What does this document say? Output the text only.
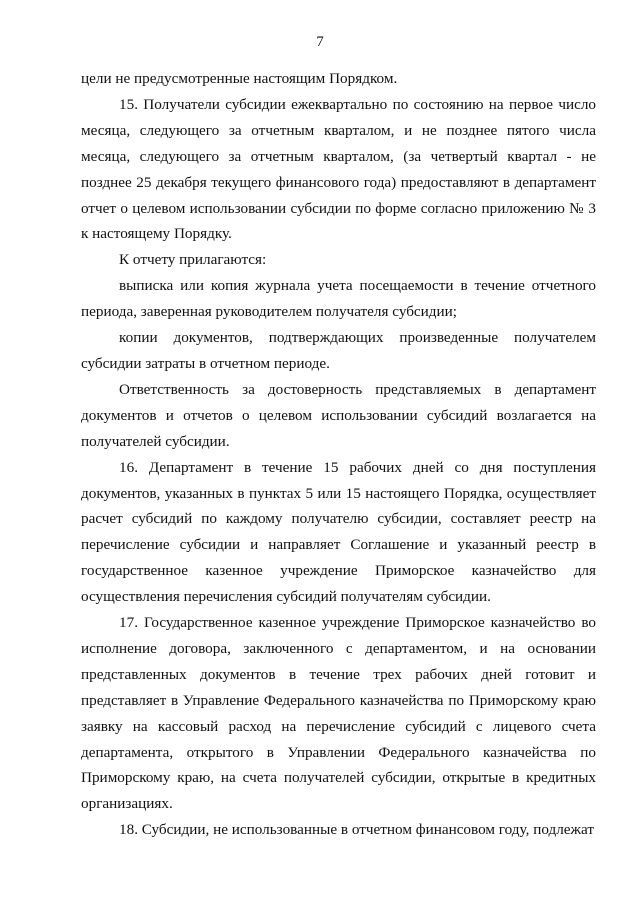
7

цели не предусмотренные настоящим Порядком.

15. Получатели субсидии ежеквартально по состоянию на первое число месяца, следующего за отчетным кварталом, и не позднее пятого числа месяца, следующего за отчетным кварталом, (за четвертый квартал - не позднее 25 декабря текущего финансового года) предоставляют в департамент отчет о целевом использовании субсидии по форме согласно приложению № 3 к настоящему Порядку.

К отчету прилагаются:

выписка или копия журнала учета посещаемости в течение отчетного периода, заверенная руководителем получателя субсидии;

копии документов, подтверждающих произведенные получателем субсидии затраты в отчетном периоде.

Ответственность за достоверность представляемых в департамент документов и отчетов о целевом использовании субсидий возлагается на получателей субсидии.

16. Департамент в течение 15 рабочих дней со дня поступления документов, указанных в пунктах 5 или 15 настоящего Порядка, осуществляет расчет субсидий по каждому получателю субсидии, составляет реестр на перечисление субсидии и направляет Соглашение и указанный реестр в государственное казенное учреждение Приморское казначейство для осуществления перечисления субсидий получателям субсидии.

17. Государственное казенное учреждение Приморское казначейство во исполнение договора, заключенного с департаментом, и на основании представленных документов в течение трех рабочих дней готовит и представляет в Управление Федерального казначейства по Приморскому краю заявку на кассовый расход на перечисление субсидий с лицевого счета департамента, открытого в Управлении Федерального казначейства по Приморскому краю, на счета получателей субсидии, открытые в кредитных организациях.

18. Субсидии, не использованные в отчетном финансовом году, подлежат
